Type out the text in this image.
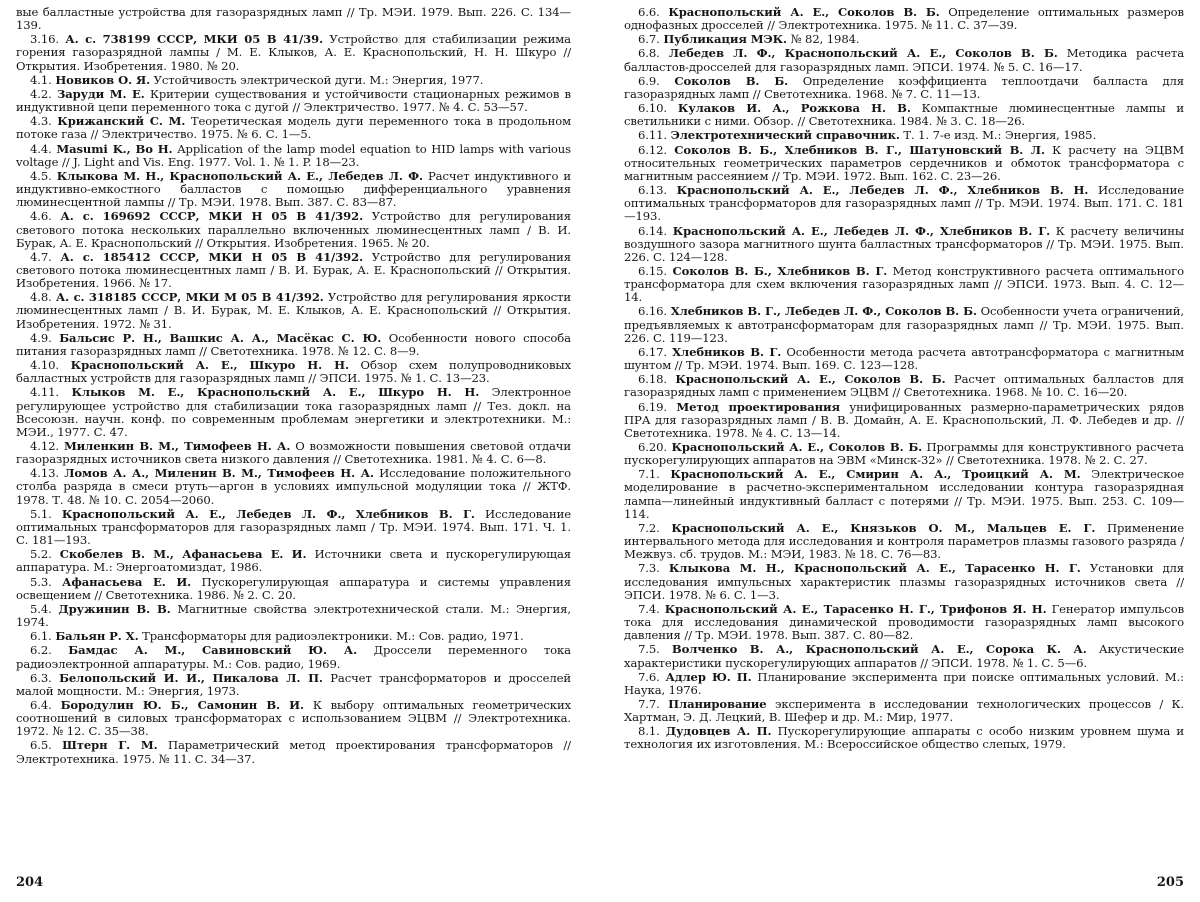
вые балластные устройства для газоразрядных ламп // Тр. МЭИ. 1979. Вып. 226. С. 134—139.

3.16. А. с. 738199 СССР, МКИ 05 В 41/39. Устройство для стабилизации режима горения газоразрядной лампы / М. Е. Клыков, А. Е. Краснопольский, Н. Н. Шкуро // Открытия. Изобретения. 1980. № 20.

4.1. Новиков О. Я. Устойчивость электрической дуги. М.: Энергия, 1977.

4.2. Заруди М. Е. Критерии существования и устойчивости стационарных режимов в индуктивной цепи переменного тока с дугой // Электричество. 1977. № 4. С. 53—57.

4.3. Крижанский С. М. Теоретическая модель дуги переменного тока в продольном потоке газа // Электричество. 1975. № 6. С. 1—5.

4.4. Masumi K., Bo H. Application of the lamp model equation to HID lamps with various voltage // J. Light and Vis. Eng. 1977. Vol. 1. № 1. P. 18—23.

4.5. Клыкова М. Н., Краснопольский А. Е., Лебедев Л. Ф. Расчет индуктивного и индуктивно-емкостного балластов с помощью дифференциального уравнения люминесцентной лампы // Тр. МЭИ. 1978. Вып. 387. С. 83—87.

4.6. А. с. 169692 СССР, МКИ Н 05 В 41/392. Устройство для регулирования светового потока нескольких параллельно включенных люминесцентных ламп / В. И. Бурак, А. Е. Краснопольский // Открытия. Изобретения. 1965. № 20.

4.7. А. с. 185412 СССР, МКИ Н 05 В 41/392. Устройство для регулирования светового потока люминесцентных ламп / В. И. Бурак, А. Е. Краснопольский // Открытия. Изобретения. 1966. № 17.

4.8. А. с. 318185 СССР, МКИ М 05 В 41/392. Устройство для регулирования яркости люминесцентных ламп / В. И. Бурак, М. Е. Клыков, А. Е. Краснопольский // Открытия. Изобретения. 1972. № 31.

4.9. Бальсис Р. Н., Вашкис А. А., Масёкас С. Ю. Особенности нового способа питания газоразрядных ламп // Светотехника. 1978. № 12. С. 8—9.

4.10. Краснопольский А. Е., Шкуро Н. Н. Обзор схем полупроводниковых балластных устройств для газоразрядных ламп // ЭПСИ. 1975. № 1. С. 13—23.

4.11. Клыков М. Е., Краснопольский А. Е., Шкуро Н. Н. Электронное регулирующее устройство для стабилизации тока газоразрядных ламп // Тез. докл. на Всесоюзн. научн. конф. по современным проблемам энергетики и электротехники. М.: МЭИ., 1977. С. 47.

4.12. Миленкин В. М., Тимофеев Н. А. О возможности повышения световой отдачи газоразрядных источников света низкого давления // Светотехника. 1981. № 4. С. 6—8.

4.13. Ломов А. А., Миленин В. М., Тимофеев Н. А. Исследование положительного столба разряда в смеси ртуть—аргон в условиях импульсной модуляции тока // ЖТФ. 1978. Т. 48. № 10. С. 2054—2060.

5.1. Краснопольский А. Е., Лебедев Л. Ф., Хлебников В. Г. Исследование оптимальных трансформаторов для газоразрядных ламп / Тр. МЭИ. 1974. Вып. 171. Ч. 1. С. 181—193.

5.2. Скобелев В. М., Афанасьева Е. И. Источники света и пускорегулирующая аппаратура. М.: Энергоатомиздат, 1986.

5.3. Афанасьева Е. И. Пускорегулирующая аппаратура и системы управления освещением // Светотехника. 1986. № 2. С. 20.

5.4. Дружинин В. В. Магнитные свойства электротехнической стали. М.: Энергия, 1974.

6.1. Бальян Р. Х. Трансформаторы для радиоэлектроники. М.: Сов. радио, 1971.

6.2. Бамдас А. М., Савиновский Ю. А. Дроссели переменного тока радиоэлектронной аппаратуры. М.: Сов. радио, 1969.

6.3. Белопольский И. И., Пикалова Л. П. Расчет трансформаторов и дросселей малой мощности. М.: Энергия, 1973.

6.4. Бородулин Ю. Б., Самонин В. И. К выбору оптимальных геометрических соотношений в силовых трансформаторах с использованием ЭЦВМ // Электротехника. 1972. № 12. С. 35—38.

6.5. Штерн Г. М. Параметрический метод проектирования трансформаторов // Электротехника. 1975. № 11. С. 34—37.

204

6.6. Краснопольский А. Е., Соколов В. Б. Определение оптимальных размеров однофазных дросселей // Электротехника. 1975. № 11. С. 37—39.

6.7. Публикация МЭК. № 82, 1984.

6.8. Лебедев Л. Ф., Краснопольский А. Е., Соколов В. Б. Методика расчета балластов-дросселей для газоразрядных ламп. ЭПСИ. 1974. № 5. С. 16—17.

6.9. Соколов В. Б. Определение коэффициента теплоотдачи балласта для газоразрядных ламп // Светотехника. 1968. № 7. С. 11—13.

6.10. Кулаков И. А., Рожкова Н. В. Компактные люминесцентные лампы и светильники с ними. Обзор. // Светотехника. 1984. № 3. С. 18—26.

6.11. Электротехнический справочник. Т. 1. 7-е изд. М.: Энергия, 1985.

6.12. Соколов В. Б., Хлебников В. Г., Шатуновский В. Л. К расчету на ЭЦВМ относительных геометрических параметров сердечников и обмоток трансформатора с магнитным рассеянием // Тр. МЭИ. 1972. Вып. 162. С. 23—26.

6.13. Краснопольский А. Е., Лебедев Л. Ф., Хлебников В. Н. Исследование оптимальных трансформаторов для газоразрядных ламп // Тр. МЭИ. 1974. Вып. 171. С. 181—193.

6.14. Краснопольский А. Е., Лебедев Л. Ф., Хлебников В. Г. К расчету величины воздушного зазора магнитного шунта балластных трансформаторов // Тр. МЭИ. 1975. Вып. 226. С. 124—128.

6.15. Соколов В. Б., Хлебников В. Г. Метод конструктивного расчета оптимального трансформатора для схем включения газоразрядных ламп // ЭПСИ. 1973. Вып. 4. С. 12—14.

6.16. Хлебников В. Г., Лебедев Л. Ф., Соколов В. Б. Особенности учета ограничений, предъявляемых к автотрансформаторам для газоразрядных ламп // Тр. МЭИ. 1975. Вып. 226. С. 119—123.

6.17. Хлебников В. Г. Особенности метода расчета автотрансформатора с магнитным шунтом // Тр. МЭИ. 1974. Вып. 169. С. 123—128.

6.18. Краснопольский А. Е., Соколов В. Б. Расчет оптимальных балластов для газоразрядных ламп с применением ЭЦВМ // Светотехника. 1968. № 10. С. 16—20.

6.19. Метод проектирования унифицированных размерно-параметрических рядов ПРА для газоразрядных ламп / В. В. Домайн, А. Е. Краснопольский, Л. Ф. Лебедев и др. // Светотехника. 1978. № 4. С. 13—14.

6.20. Краснопольский А. Е., Соколов В. Б. Программы для конструктивного расчета пускорегулирующих аппаратов на ЭВМ «Минск-32» // Светотехника. 1978. № 2. С. 27.

7.1. Краснопольский А. Е., Смирин А. А., Троицкий А. М. Электрическое моделирование в расчетно-экспериментальном исследовании контура газоразрядная лампа—линейный индуктивный балласт с потерями // Тр. МЭИ. 1975. Вып. 253. С. 109—114.

7.2. Краснопольский А. Е., Князьков О. М., Мальцев Е. Г. Применение интервального метода для исследования и контроля параметров плазмы газового разряда / Межвуз. сб. трудов. М.: МЭИ, 1983. № 18. С. 76—83.

7.3. Клыкова М. Н., Краснопольский А. Е., Тарасенко Н. Г. Установки для исследования импульсных характеристик плазмы газоразрядных источников света // ЭПСИ. 1978. № 6. С. 1—3.

7.4. Краснопольский А. Е., Тарасенко Н. Г., Трифонов Я. Н. Генератор импульсов тока для исследования динамической проводимости газоразрядных ламп высокого давления // Тр. МЭИ. 1978. Вып. 387. С. 80—82.

7.5. Волченко В. А., Краснопольский А. Е., Сорока К. А. Акустические характеристики пускорегулирующих аппаратов // ЭПСИ. 1978. № 1. С. 5—6.

7.6. Адлер Ю. П. Планирование эксперимента при поиске оптимальных условий. М.: Наука, 1976.

7.7. Планирование эксперимента в исследовании технологических процессов / К. Хартман, Э. Д. Лецкий, В. Шефер и др. М.: Мир, 1977.

8.1. Дудовцев А. П. Пускорегулирующие аппараты с особо низким уровнем шума и технология их изготовления. М.: Всероссийское общество слепых, 1979.

205
